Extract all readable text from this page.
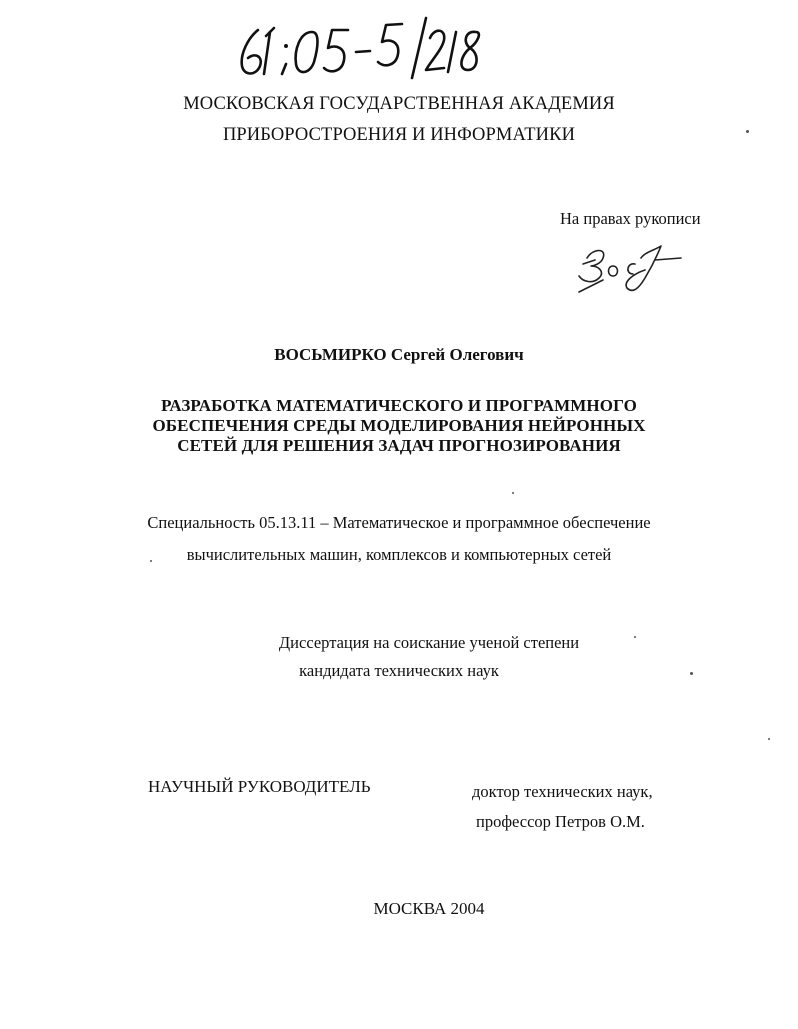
61: 05-5/218
МОСКОВСКАЯ ГОСУДАРСТВЕННАЯ АКАДЕМИЯ
ПРИБОРОСТРОЕНИЯ И ИНФОРМАТИКИ
На правах рукописи
ВОСЬМИРКО Сергей Олегович
РАЗРАБОТКА МАТЕМАТИЧЕСКОГО И ПРОГРАММНОГО
ОБЕСПЕЧЕНИЯ СРЕДЫ МОДЕЛИРОВАНИЯ НЕЙРОННЫХ
СЕТЕЙ ДЛЯ РЕШЕНИЯ ЗАДАЧ ПРОГНОЗИРОВАНИЯ
Специальность 05.13.11 – Математическое и программное обеспечение
вычислительных машин, комплексов и компьютерных сетей
Диссертация на соискание ученой степени
кандидата технических наук
НАУЧНЫЙ РУКОВОДИТЕЛЬ	доктор технических наук,
профессор Петров О.М.
МОСКВА 2004
